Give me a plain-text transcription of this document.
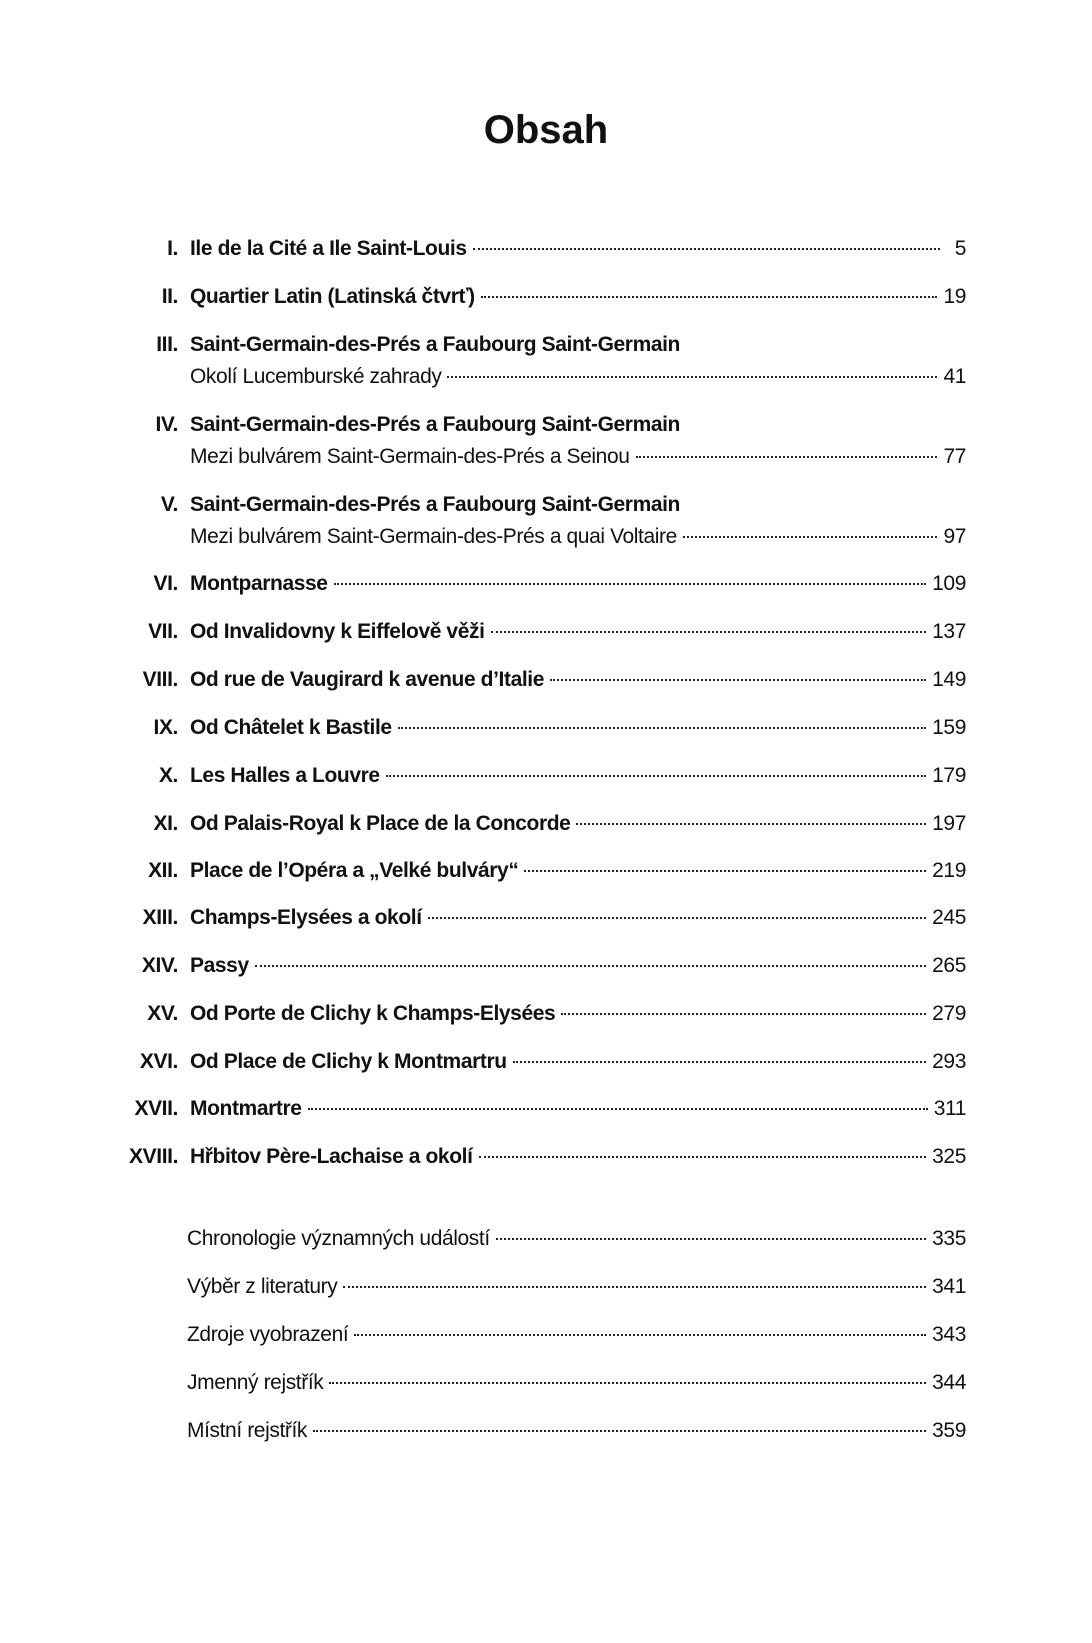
Obsah
I. Ile de la Cité a Ile Saint-Louis	5
II. Quartier Latin (Latinská čtvrť)	19
III. Saint-Germain-des-Prés a Faubourg Saint-Germain
Okolí Lucemburské zahrady	41
IV. Saint-Germain-des-Prés a Faubourg Saint-Germain
Mezi bulvárem Saint-Germain-des-Prés a Seinou	77
V. Saint-Germain-des-Prés a Faubourg Saint-Germain
Mezi bulvárem Saint-Germain-des-Prés a quai Voltaire	97
VI. Montparnasse	109
VII. Od Invalidovny k Eiffelově věži	137
VIII. Od rue de Vaugirard k avenue d’Italie	149
IX. Od Châtelet k Bastile	159
X. Les Halles a Louvre	179
XI. Od Palais-Royal k Place de la Concorde	197
XII. Place de l’Opéra a „Velké bulváry“	219
XIII. Champs-Elysées a okolí	245
XIV. Passy	265
XV. Od Porte de Clichy k Champs-Elysées	279
XVI. Od Place de Clichy k Montmartru	293
XVII. Montmartre	311
XVIII. Hřbitov Père-Lachaise a okolí	325
Chronologie významných událostí	335
Výběr z literatury	341
Zdroje vyobrazení	343
Jmenný rejstřík	344
Místní rejstřík	359
